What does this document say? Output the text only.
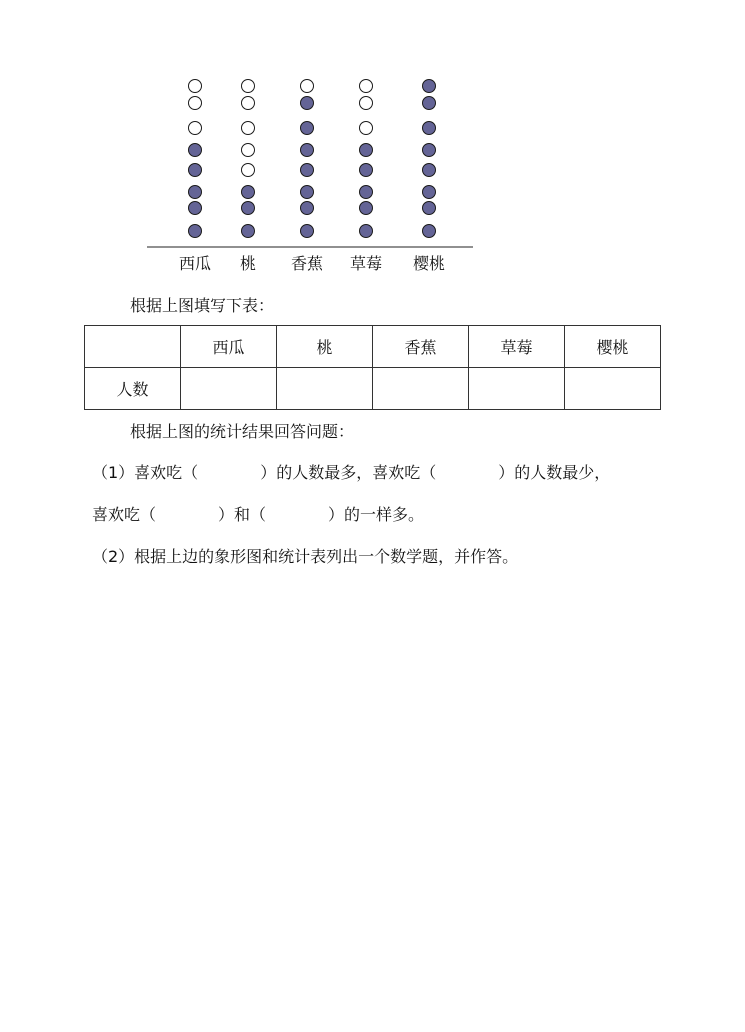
西瓜	桃	香蕉	草莓	樱桃
根据上图填写下表：
	西瓜	桃	香蕉	草莓	樱桃
人数					
根据上图的统计结果回答问题：
（1）喜欢吃（	）的人数最多，喜欢吃（	）的人数最少，
喜欢吃（	）和（	）的一样多。
（2）根据上边的象形图和统计表列出一个数学题，并作答。
